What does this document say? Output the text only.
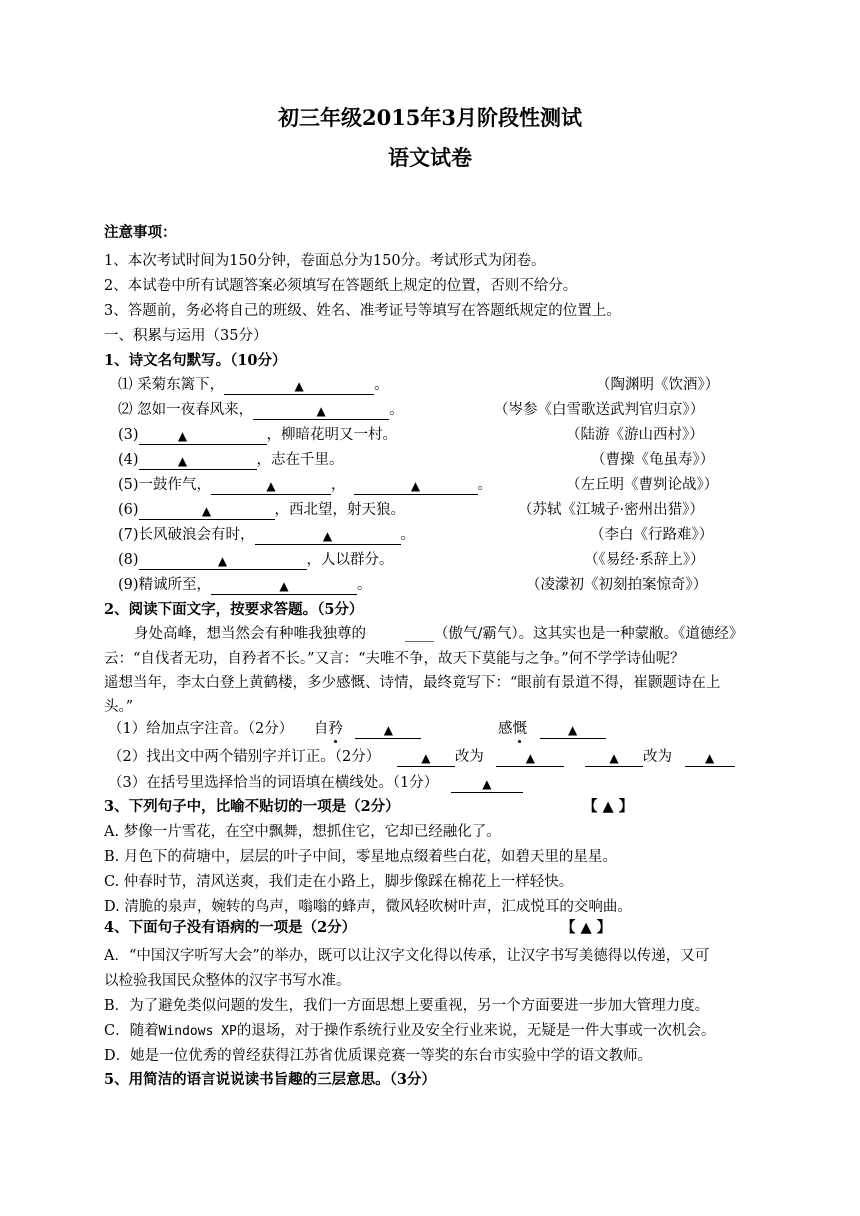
初三年级2015年3月阶段性测试
语文试卷
注意事项：
1、本次考试时间为150分钟，卷面总分为150分。考试形式为闭卷。
2、本试卷中所有试题答案必须填写在答题纸上规定的位置，否则不给分。
3、答题前，务必将自己的班级、姓名、准考证号等填写在答题纸规定的位置上。
一、积累与运用（35分）
1、诗文名句默写。（10分）
⑴ 采菊东篱下，	▲	。	（陶渊明《饮酒》）
⑵ 忽如一夜春风来，	▲	。	（岑参《白雪歌送武判官归京》）
(3)	▲	，柳暗花明又一村。	（陆游《游山西村》）
(4)	▲	，志在千里。	（曹操《龟虽寿》）
(5)一鼓作气，	▲	，	▲	。	（左丘明《曹刿论战》）
(6)	▲	，西北望，射天狼。	（苏轼《江城子·密州出猎》）
(7)长风破浪会有时，	▲	。	（李白《行路难》）
(8)	▲	，人以群分。	（《易经·系辞上》）
(9)精诚所至，	▲	。	（凌濛初《初刻拍案惊奇》）
2、阅读下面文字，按要求答题。（5分）
身处高峰，想当然会有种唯我独尊的	____（傲气/霸气）。这其实也是一种蒙敝。《道德经》
云：“自伐者无功，自矜者不长。”又言：“夫唯不争，故天下莫能与之争。”何不学学诗仙呢？
遥想当年，李太白登上黄鹤楼，多少感慨、诗情，最终竟写下：“眼前有景道不得，崔颢题诗在上
头。”
（1）给加点字注音。（2分） 自矜	▲	感慨	▲
（2）找出文中两个错别字并订正。（2分）	▲ 改为	▲	▲ 改为	▲
（3）在括号里选择恰当的词语填在横线处。（1分）	▲
3、下列句子中，比喻不贴切的一项是（2分）	【 ▲ 】
A. 梦像一片雪花，在空中飘舞，想抓住它，它却已经融化了。
B. 月色下的荷塘中，层层的叶子中间，零星地点缀着些白花，如碧天里的星星。
C. 仲春时节，清风送爽，我们走在小路上，脚步像踩在棉花上一样轻快。
D. 清脆的泉声，婉转的鸟声，嗡嗡的蜂声，微风轻吹树叶声，汇成悦耳的交响曲。
4、下面句子没有语病的一项是（2分）	【 ▲ 】
A．“中国汉字听写大会”的举办，既可以让汉字文化得以传承，让汉字书写美德得以传递，又可
以检验我国民众整体的汉字书写水准。
B．为了避免类似问题的发生，我们一方面思想上要重视，另一个方面要进一步加大管理力度。
C．随着Windows XP的退场，对于操作系统行业及安全行业来说，无疑是一件大事或一次机会。
D．她是一位优秀的曾经获得江苏省优质课竞赛一等奖的东台市实验中学的语文教师。
5、用简洁的语言说说读书旨趣的三层意思。（3分）
